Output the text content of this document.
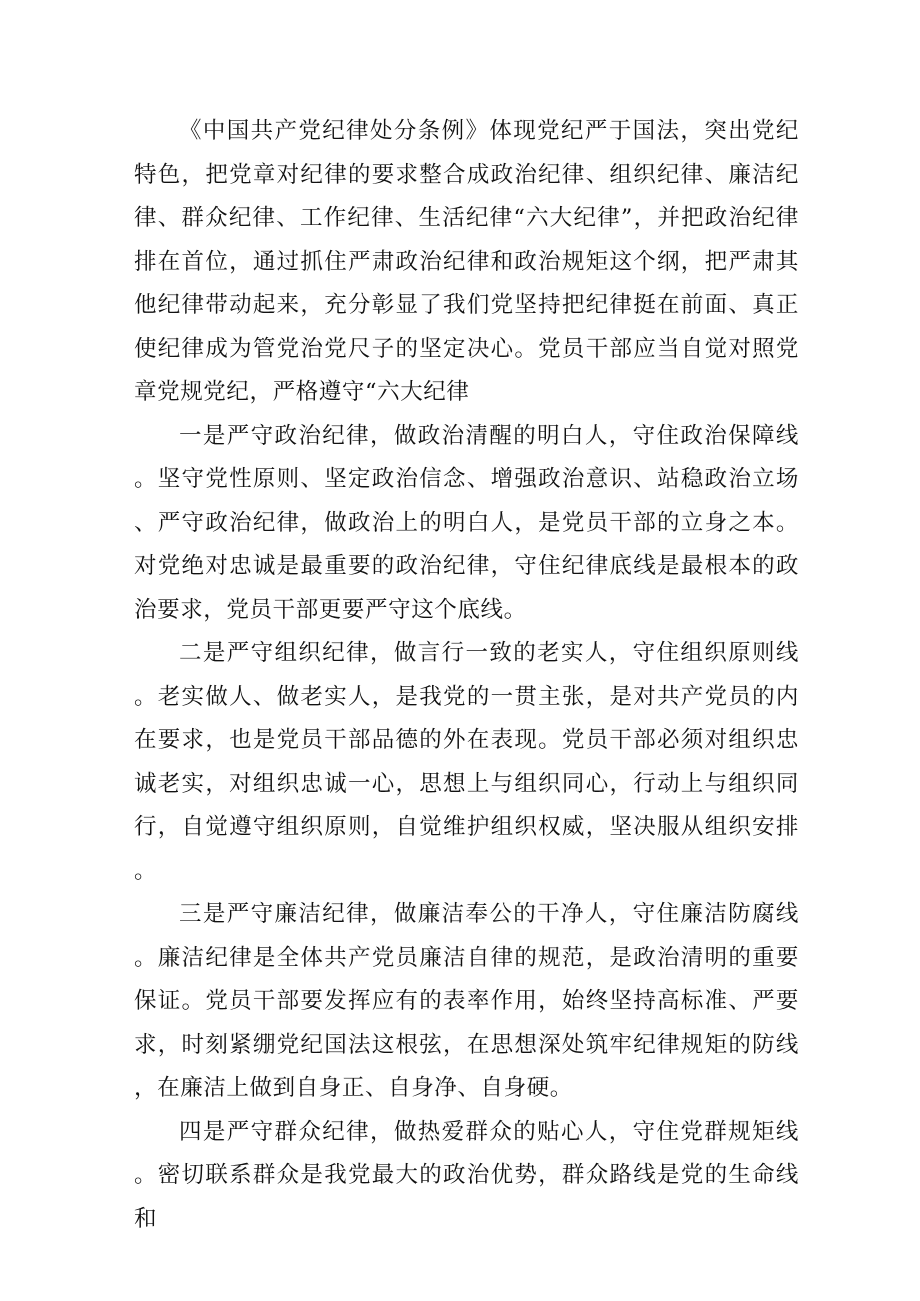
《中国共产党纪律处分条例》体现党纪严于国法，突出党纪特色，把党章对纪律的要求整合成政治纪律、组织纪律、廉洁纪律、群众纪律、工作纪律、生活纪律“六大纪律”，并把政治纪律排在首位，通过抓住严肃政治纪律和政治规矩这个纲，把严肃其他纪律带动起来，充分彰显了我们党坚持把纪律挺在前面、真正使纪律成为管党治党尺子的坚定决心。党员干部应当自觉对照党章党规党纪，严格遵守“六大纪律

一是严守政治纪律，做政治清醒的明白人，守住政治保障线。坚守党性原则、坚定政治信念、增强政治意识、站稳政治立场、严守政治纪律，做政治上的明白人，是党员干部的立身之本。对党绝对忠诚是最重要的政治纪律，守住纪律底线是最根本的政治要求，党员干部更要严守这个底线。

二是严守组织纪律，做言行一致的老实人，守住组织原则线。老实做人、做老实人，是我党的一贯主张，是对共产党员的内在要求，也是党员干部品德的外在表现。党员干部必须对组织忠诚老实，对组织忠诚一心，思想上与组织同心，行动上与组织同行，自觉遵守组织原则，自觉维护组织权威，坚决服从组织安排。

三是严守廉洁纪律，做廉洁奉公的干净人，守住廉洁防腐线。廉洁纪律是全体共产党员廉洁自律的规范，是政治清明的重要保证。党员干部要发挥应有的表率作用，始终坚持高标准、严要求，时刻紧绷党纪国法这根弦，在思想深处筑牢纪律规矩的防线，在廉洁上做到自身正、自身净、自身硬。

四是严守群众纪律，做热爱群众的贴心人，守住党群规矩线。密切联系群众是我党最大的政治优势，群众路线是党的生命线和
